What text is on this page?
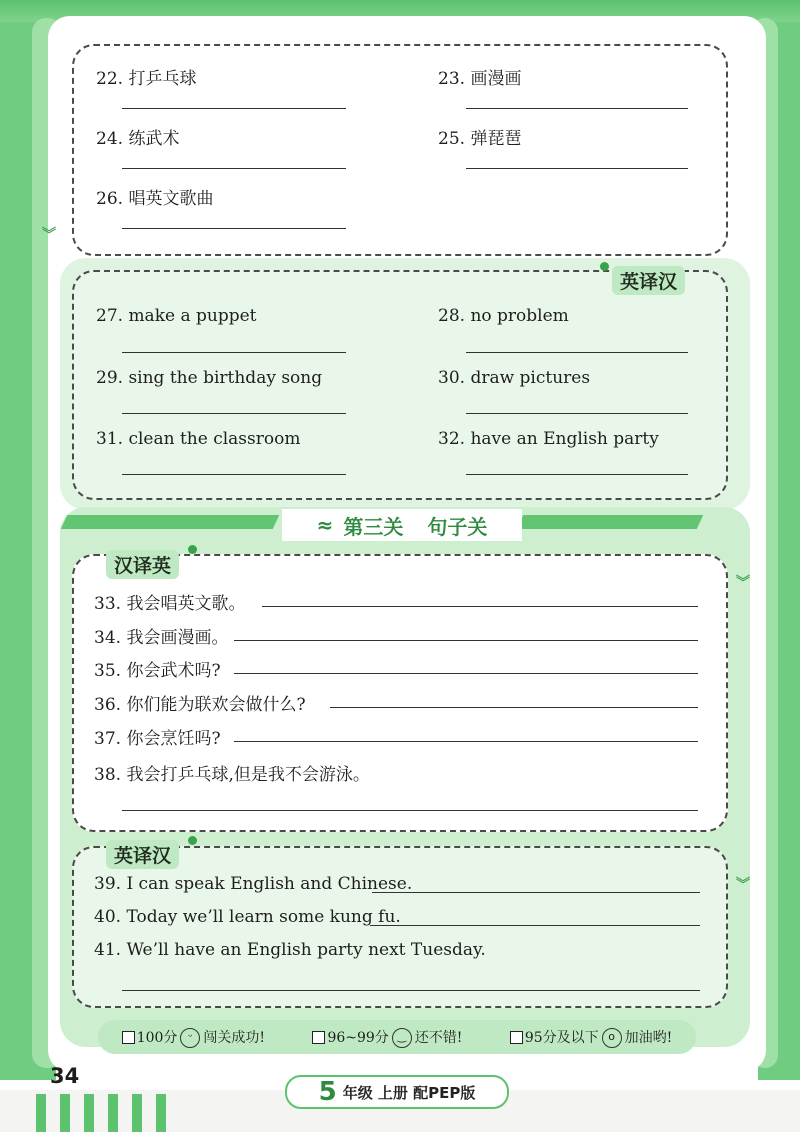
︾
︾
︾
22. 打乒乓球	23. 画漫画
24. 练武术	25. 弹琵琶
26. 唱英文歌曲
英译汉
27. make a puppet	28. no problem
29. sing the birthday song	30. draw pictures
31. clean the classroom	32. have an English party
≈ 第三关 句子关
汉译英
33. 我会唱英文歌。
34. 我会画漫画。
35. 你会武术吗?
36. 你们能为联欢会做什么?
37. 你会烹饪吗?
38. 我会打乒乓球,但是我不会游泳。
英译汉
39. I can speak English and Chinese.
40. Today we’ll learn some kung fu.
41. We’ll have an English party next Tuesday.
100分 ᵕ 闯关成功!	96~99分 ‿ 还不错!	95分及以下 o 加油哟!
34
5 年级 上册 配PEP版
